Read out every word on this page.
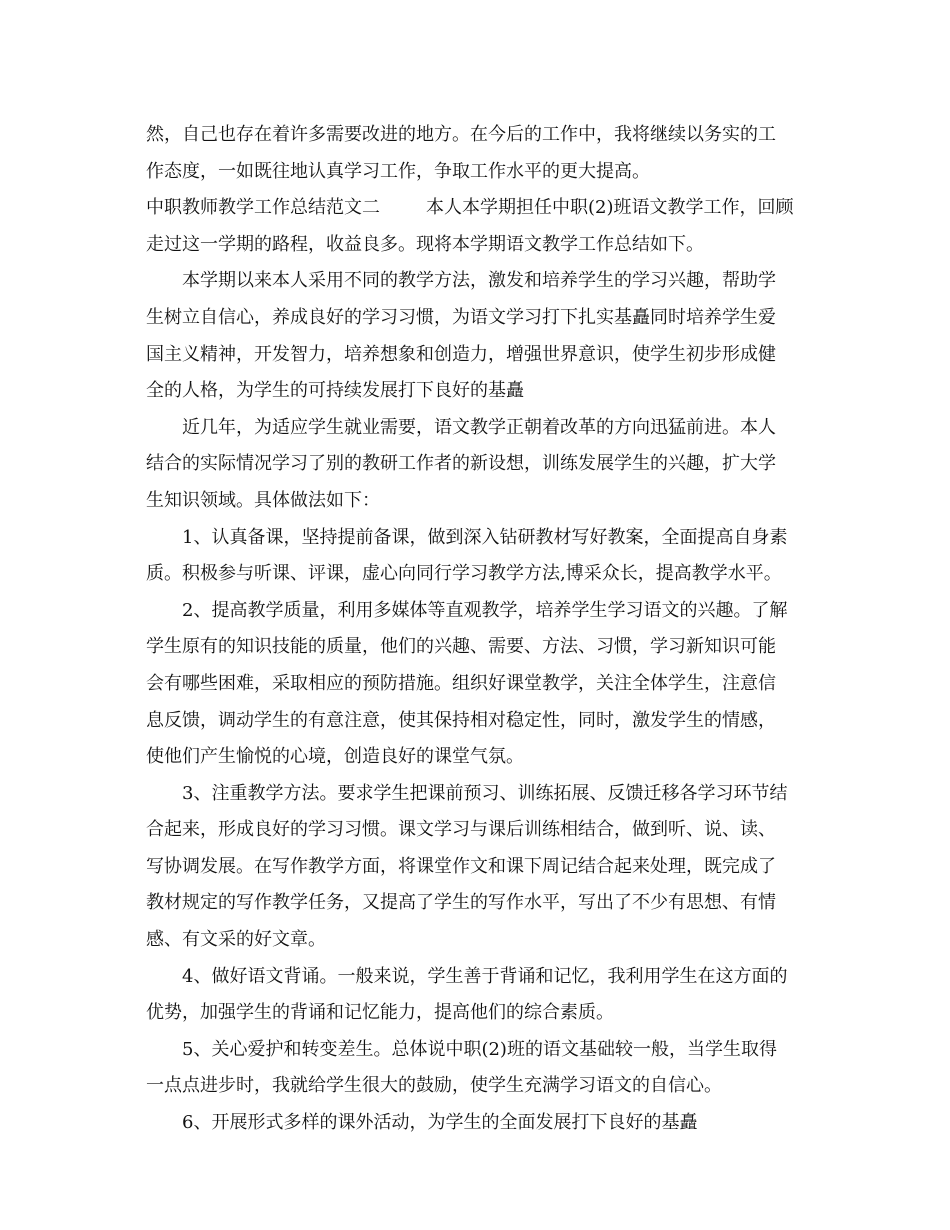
然，自己也存在着许多需要改进的地方。在今后的工作中，我将继续以务实的工
作态度，一如既往地认真学习工作，争取工作水平的更大提高。
中职教师教学工作总结范文二	本人本学期担任中职(2)班语文教学工作，回顾
走过这一学期的路程，收益良多。现将本学期语文教学工作总结如下。
本学期以来本人采用不同的教学方法，激发和培养学生的学习兴趣，帮助学
生树立自信心，养成良好的学习习惯，为语文学习打下扎实基矗同时培养学生爱
国主义精神，开发智力，培养想象和创造力，增强世界意识，使学生初步形成健
全的人格，为学生的可持续发展打下良好的基矗
近几年，为适应学生就业需要，语文教学正朝着改革的方向迅猛前进。本人
结合的实际情况学习了别的教研工作者的新设想，训练发展学生的兴趣，扩大学
生知识领域。具体做法如下：
1、认真备课，坚持提前备课，做到深入钻研教材写好教案，全面提高自身素
质。积极参与听课、评课，虚心向同行学习教学方法,博采众长，提高教学水平。
2、提高教学质量，利用多媒体等直观教学，培养学生学习语文的兴趣。了解
学生原有的知识技能的质量，他们的兴趣、需要、方法、习惯，学习新知识可能
会有哪些困难，采取相应的预防措施。组织好课堂教学，关注全体学生，注意信
息反馈，调动学生的有意注意，使其保持相对稳定性，同时，激发学生的情感，
使他们产生愉悦的心境，创造良好的课堂气氛。
3、注重教学方法。要求学生把课前预习、训练拓展、反馈迁移各学习环节结
合起来，形成良好的学习习惯。课文学习与课后训练相结合，做到听、说、读、
写协调发展。在写作教学方面，将课堂作文和课下周记结合起来处理，既完成了
教材规定的写作教学任务，又提高了学生的写作水平，写出了不少有思想、有情
感、有文采的好文章。
4、做好语文背诵。一般来说，学生善于背诵和记忆，我利用学生在这方面的
优势，加强学生的背诵和记忆能力，提高他们的综合素质。
5、关心爱护和转变差生。总体说中职(2)班的语文基础较一般，当学生取得
一点点进步时，我就给学生很大的鼓励，使学生充满学习语文的自信心。
6、开展形式多样的课外活动，为学生的全面发展打下良好的基矗
